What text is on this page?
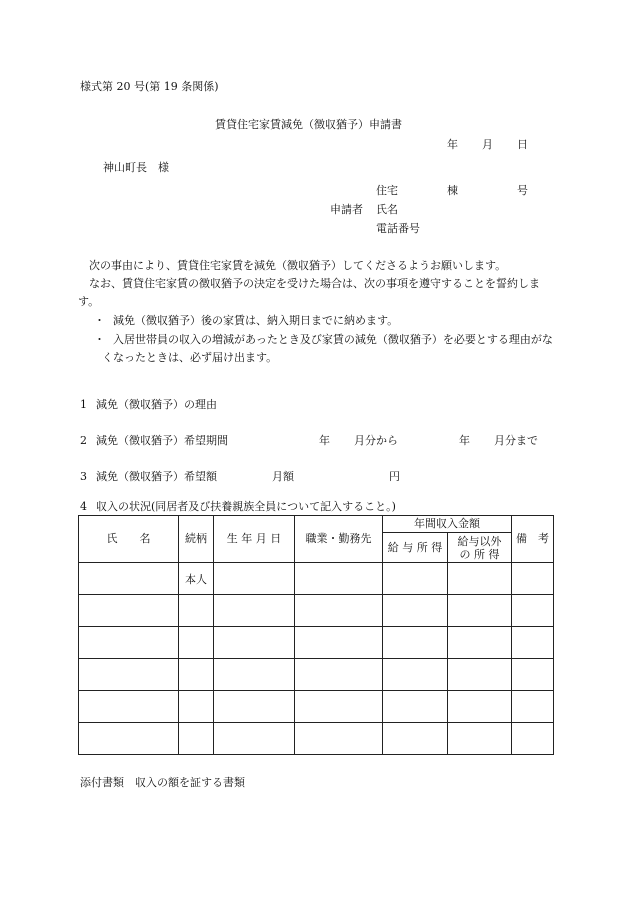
様式第 20 号(第 19 条関係)
賃貸住宅家賃減免（徴収猶予）申請書
年 月 日
神山町長　様
住宅	棟	号
申請者 氏名
電話番号
次の事由により、賃貸住宅家賃を減免（徴収猶予）してくださるようお願いします。
なお、賃貸住宅家賃の徴収猶予の決定を受けた場合は、次の事項を遵守することを誓約します。
・ 減免（徴収猶予）後の家賃は、納入期日までに納めます。
・ 入居世帯員の収入の増減があったとき及び家賃の減免（徴収猶予）を必要とする理由がなくなったときは、必ず届け出ます。
1 減免（徴収猶予）の理由
2 減免（徴収猶予）希望期間	年 月分から	年 月分まで
3 減免（徴収猶予）希望額	月額	円
4 収入の状況(同居者及び扶養親族全員について記入すること。)
氏　　名	続柄	生 年 月 日	職業・勤務先	年間収入金額		備　考
				給 与 所 得	給与以外
の 所 得	

	本人					

添付書類　収入の額を証する書類
